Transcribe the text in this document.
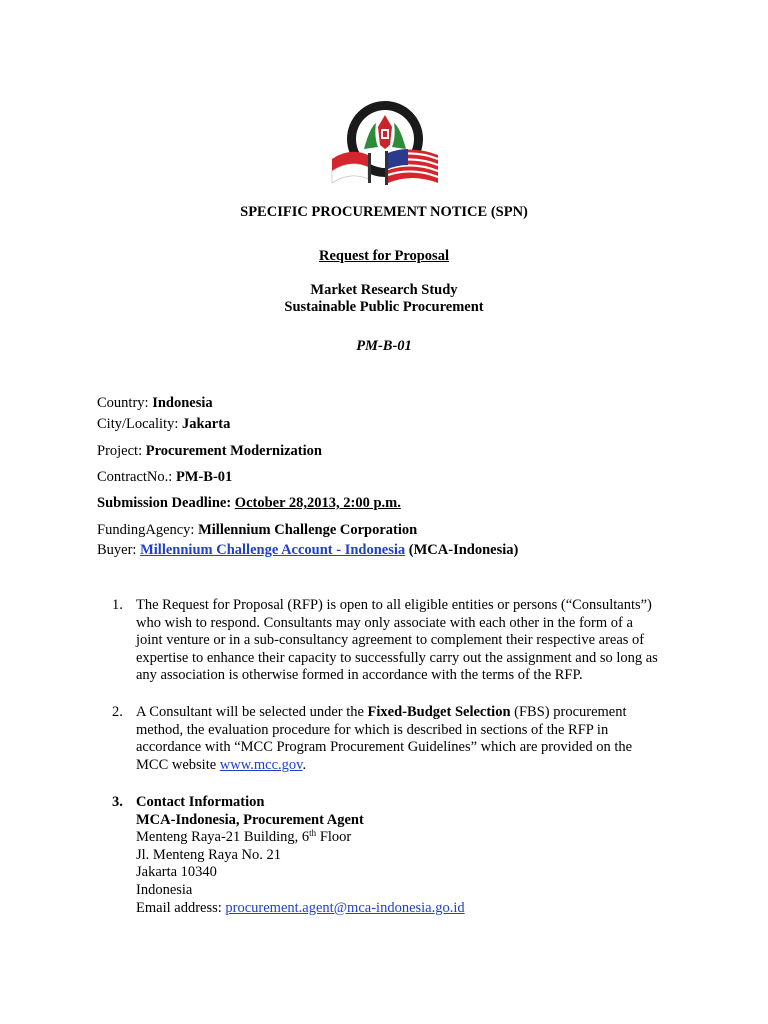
SPECIFIC PROCUREMENT NOTICE (SPN)
Request for Proposal
Market Research Study
Sustainable Public Procurement
PM-B-01
Country: Indonesia
City/Locality: Jakarta
Project: Procurement Modernization
ContractNo.: PM-B-01
Submission Deadline: October 28,2013, 2:00 p.m.
FundingAgency: Millennium Challenge Corporation
Buyer: Millennium Challenge Account - Indonesia (MCA-Indonesia)
1. The Request for Proposal (RFP) is open to all eligible entities or persons (“Consultants”)
who wish to respond. Consultants may only associate with each other in the form of a
joint venture or in a sub-consultancy agreement to complement their respective areas of
expertise to enhance their capacity to successfully carry out the assignment and so long as
any association is otherwise formed in accordance with the terms of the RFP.
2. A Consultant will be selected under the Fixed-Budget Selection (FBS) procurement
method, the evaluation procedure for which is described in sections of the RFP in
accordance with “MCC Program Procurement Guidelines” which are provided on the
MCC website www.mcc.gov.
3. Contact Information
MCA-Indonesia, Procurement Agent
Menteng Raya-21 Building, 6th Floor
Jl. Menteng Raya No. 21
Jakarta 10340
Indonesia
Email address: procurement.agent@mca-indonesia.go.id
